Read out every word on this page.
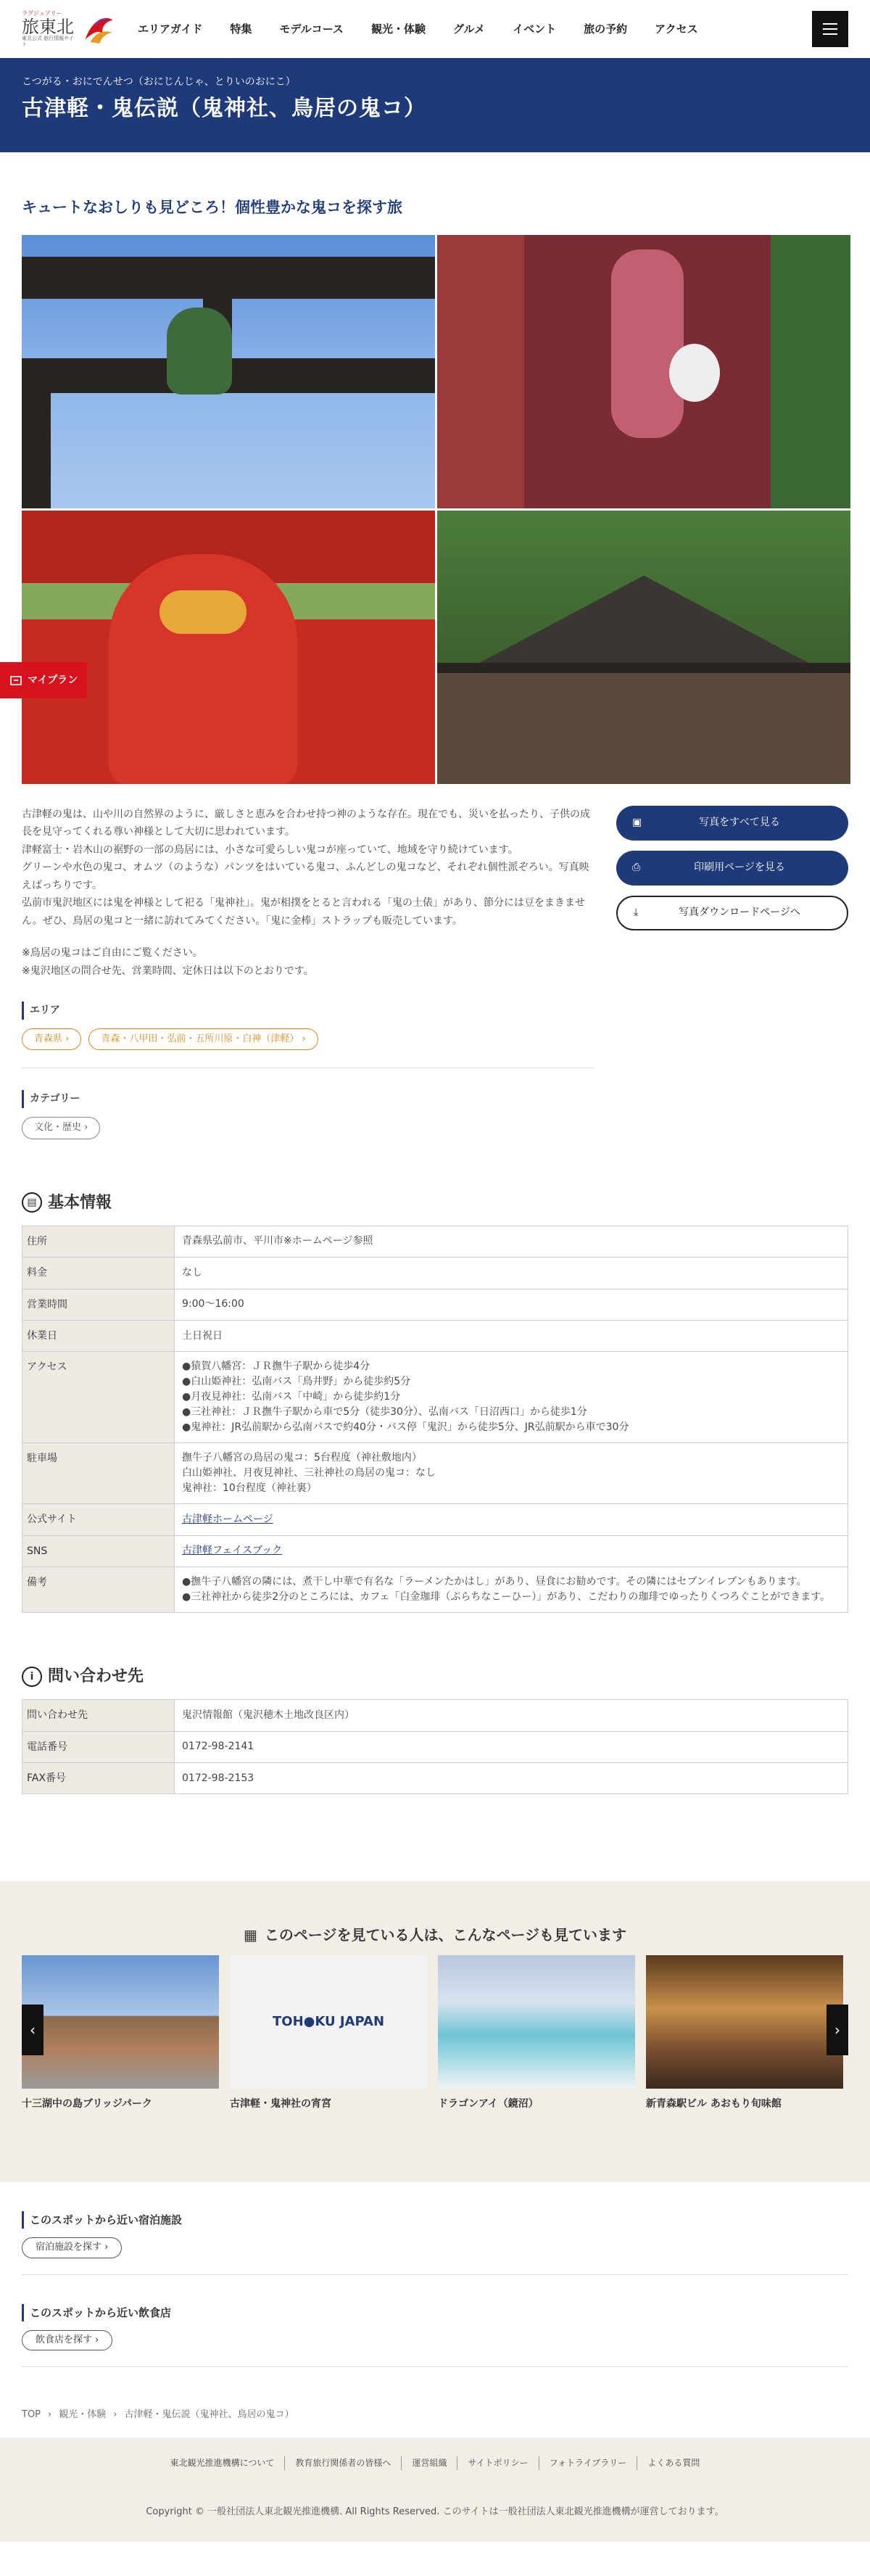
ラグジュアリー
旅東北
東北公式 旅行情報サイト
エリアガイド	特集	モデルコース	観光・体験	グルメ	イベント	旅の予約	アクセス
こつがる・おにでんせつ（おにじんじゃ、とりいのおにこ）
古津軽・鬼伝説（鬼神社、鳥居の鬼コ）
マイプラン
キュートなおしりも見どころ！個性豊かな鬼コを探す旅

古津軽の鬼は、山や川の自然界のように、厳しさと恵みを合わせ持つ神のような存在。現在でも、災いを払ったり、子供の成長を見守ってくれる尊い神様として大切に思われています。

津軽富士・岩木山の裾野の一部の鳥居には、小さな可愛らしい鬼コが座っていて、地域を守り続けています。

グリーンや水色の鬼コ、オムツ（のような）パンツをはいている鬼コ、ふんどしの鬼コなど、それぞれ個性派ぞろい。写真映えばっちりです。

弘前市鬼沢地区には鬼を神様として祀る「鬼神社」。鬼が相撲をとると言われる「鬼の土俵」があり、節分には豆をまきません。ぜひ、鳥居の鬼コと一緒に訪れてみてください。「鬼に金棒」ストラップも販売しています。

※鳥居の鬼コはご自由にご覧ください。

※鬼沢地区の問合せ先、営業時間、定休日は以下のとおりです。

エリア
青森県 ›	青森・八甲田・弘前・五所川原・白神（津軽） ›
カテゴリー
文化・歴史 ›
▣	写真をすべて見る
⎙	印刷用ページを見る
⤓	写真ダウンロードページへ
▤ 基本情報
住所	青森県弘前市、平川市※ホームページ参照

料金	なし

営業時間	9:00〜16:00

休業日	土日祝日

アクセス	●猿賀八幡宮：ＪＲ撫牛子駅から徒歩4分
●白山姫神社：弘南バス「鳥井野」から徒歩約5分
●月夜見神社：弘南バス「中崎」から徒歩約1分
●三社神社：ＪＲ撫牛子駅から車で5分（徒歩30分）、弘南バス「日沼西口」から徒歩1分
●鬼神社：JR弘前駅から弘南バスで約40分・バス停「鬼沢」から徒歩5分、JR弘前駅から車で30分

駐車場	撫牛子八幡宮の鳥居の鬼コ：5台程度（神社敷地内）
白山姫神社、月夜見神社、三社神社の鳥居の鬼コ：なし
鬼神社：10台程度（神社裏）

公式サイト	古津軽ホームページ
SNS	古津軽フェイスブック
備考	●撫牛子八幡宮の隣には、煮干し中華で有名な「ラーメンたかはし」があり、昼食にお勧めです。その隣にはセブンイレブンもあります。
●三社神社から徒歩2分のところには、カフェ「白金珈琲（ぷらちなこーひー）」があり、こだわりの珈琲でゆったりくつろぐことができます。
i 問い合わせ先
問い合わせ先	鬼沢情報館（鬼沢穂木土地改良区内）

電話番号	0172-98-2141

FAX番号	0172-98-2153
▦ このページを見ている人は、こんなページも見ています
十三湖中の島ブリッジパーク
TOH●KU JAPAN
古津軽・鬼神社の宵宮	ドラゴンアイ（鏡沼）	新青森駅ビル あおもり旬味館
‹	›
このスポットから近い宿泊施設
宿泊施設を探す ›
このスポットから近い飲食店
飲食店を探す ›
TOP › 観光・体験 › 古津軽・鬼伝説（鬼神社、鳥居の鬼コ）
東北観光推進機構について	教育旅行関係者の皆様へ	運営組織	サイトポリシー	フォトライブラリー	よくある質問
Copyright © 一般社団法人東北観光推進機構. All Rights Reserved. このサイトは一般社団法人東北観光推進機構が運営しております。
